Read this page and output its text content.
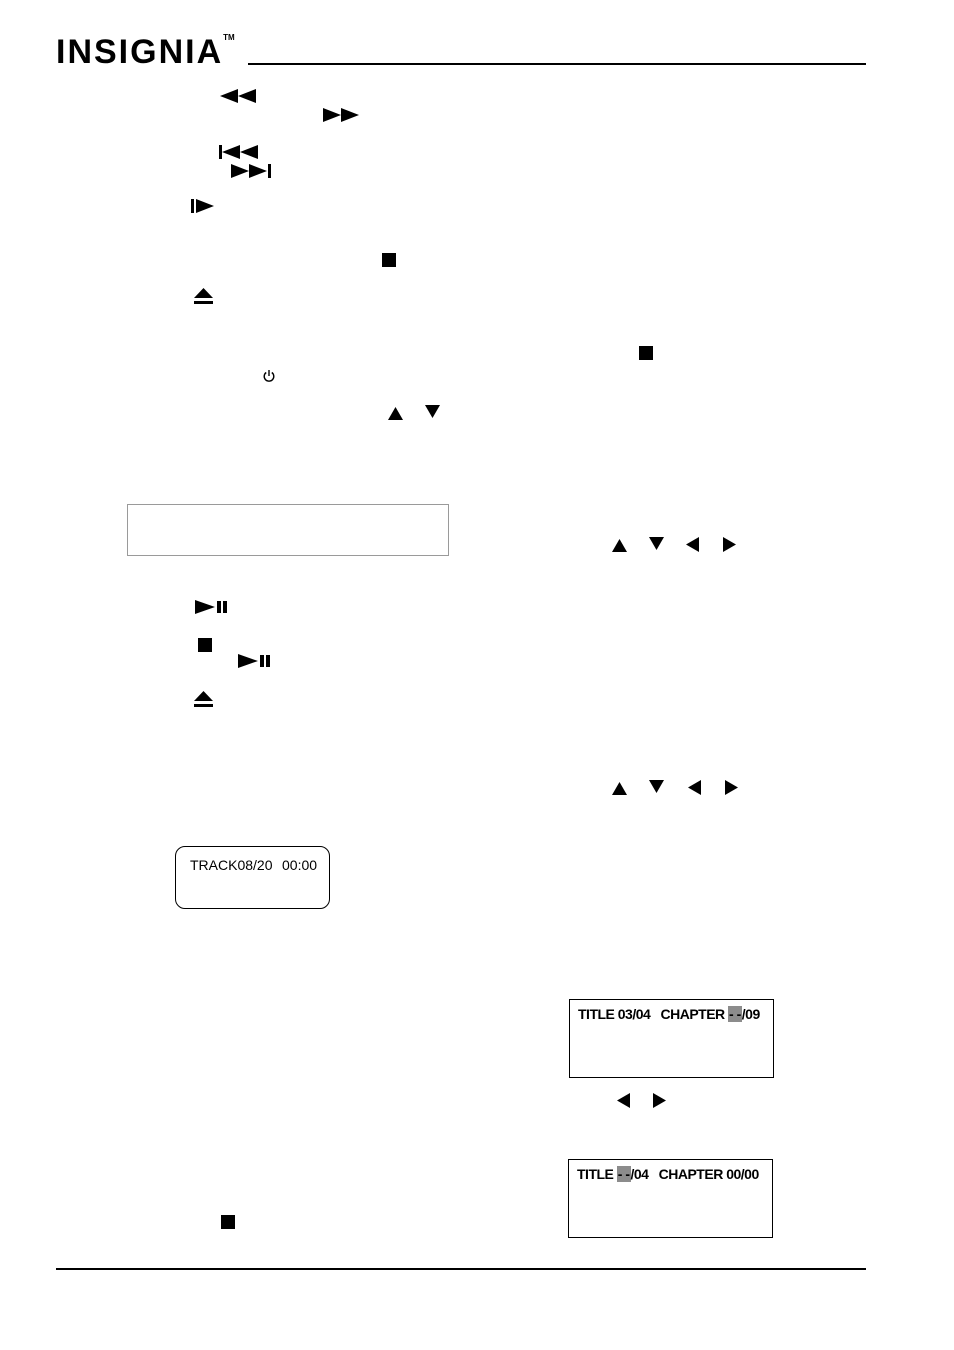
INSIGNIA™
TRACK08/20 00:00
TITLE 03/04 CHAPTER - -/09
TITLE - -/04 CHAPTER 00/00
